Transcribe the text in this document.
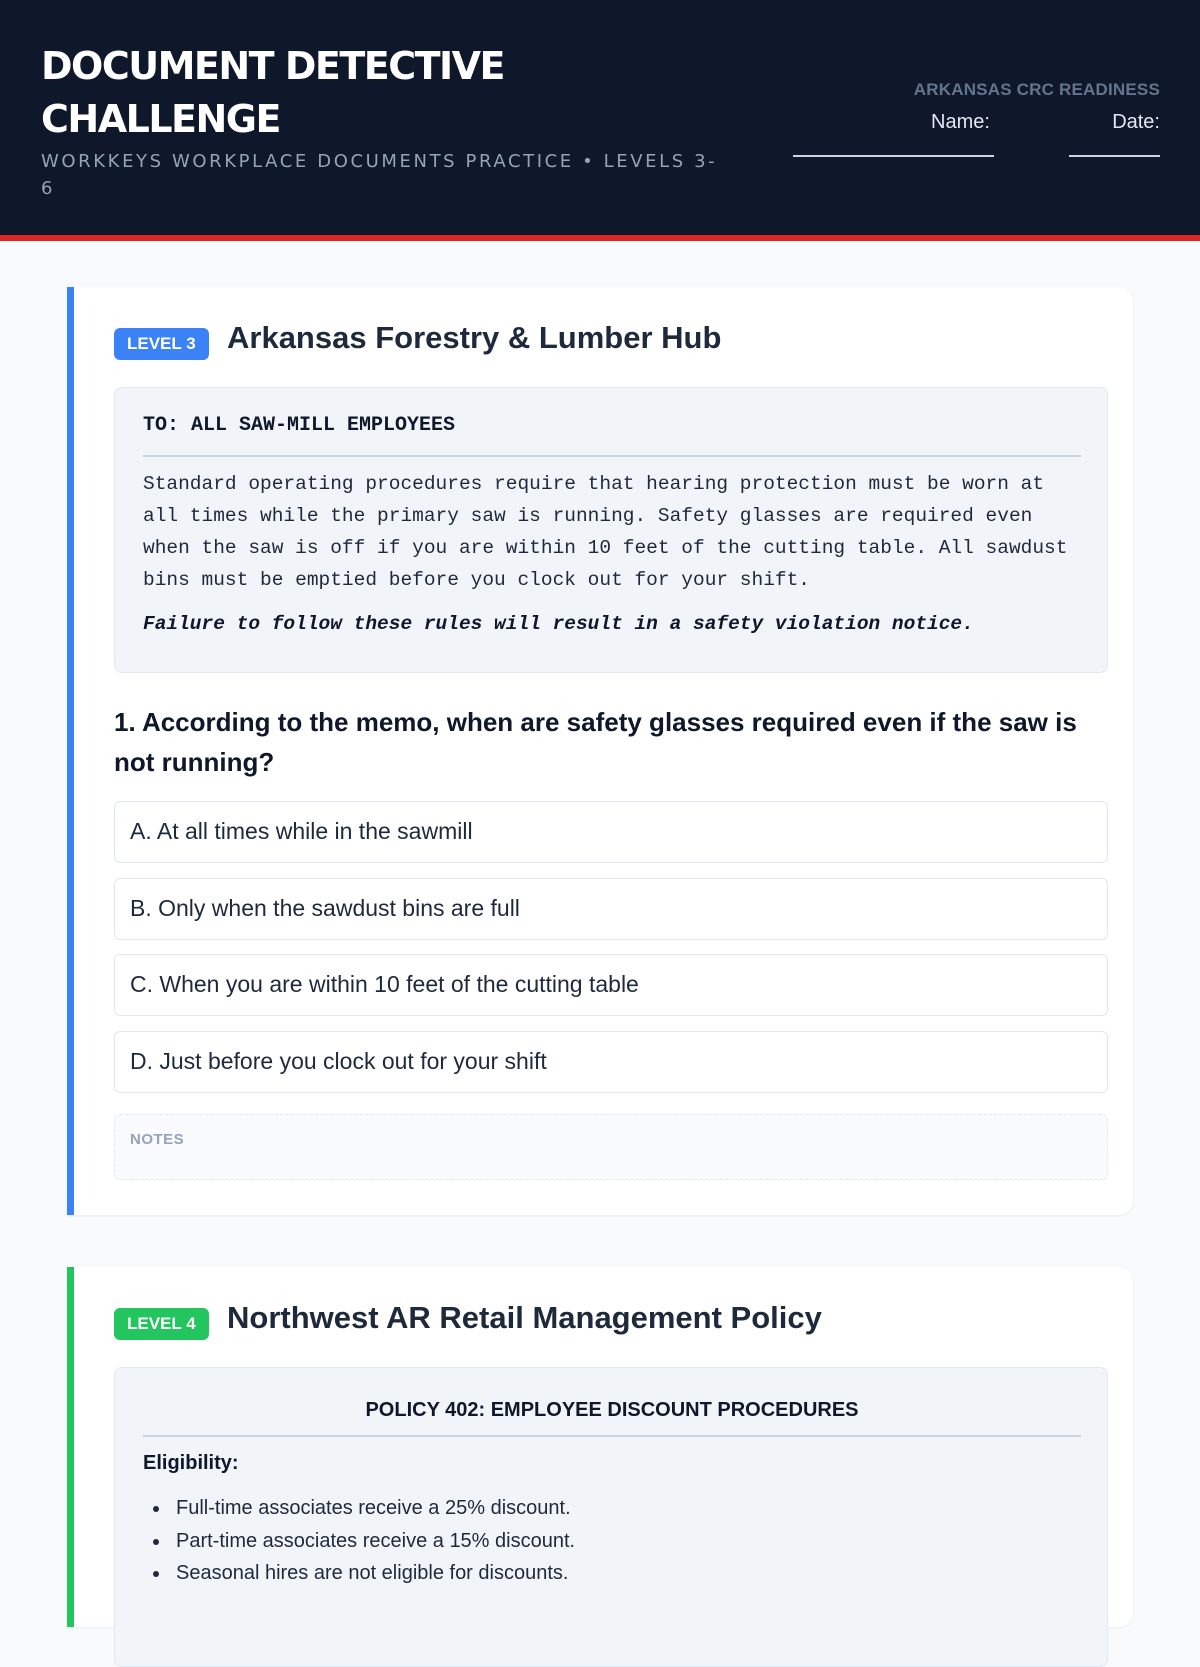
DOCUMENT DETECTIVE CHALLENGE
WORKKEYS WORKPLACE DOCUMENTS PRACTICE • LEVELS 3-6
ARKANSAS CRC READINESS
Name:	Date:
LEVEL 3	Arkansas Forestry & Lumber Hub
TO: ALL SAW-MILL EMPLOYEES
Standard operating procedures require that hearing protection must be worn at all times while the primary saw is running. Safety glasses are required even when the saw is off if you are within 10 feet of the cutting table. All sawdust bins must be emptied before you clock out for your shift.
Failure to follow these rules will result in a safety violation notice.
1. According to the memo, when are safety glasses required even if the saw is not running?
A. At all times while in the sawmill
B. Only when the sawdust bins are full
C. When you are within 10 feet of the cutting table
D. Just before you clock out for your shift
NOTES
LEVEL 4	Northwest AR Retail Management Policy
POLICY 402: EMPLOYEE DISCOUNT PROCEDURES
Eligibility:
Full-time associates receive a 25% discount.
Part-time associates receive a 15% discount.
Seasonal hires are not eligible for discounts.
